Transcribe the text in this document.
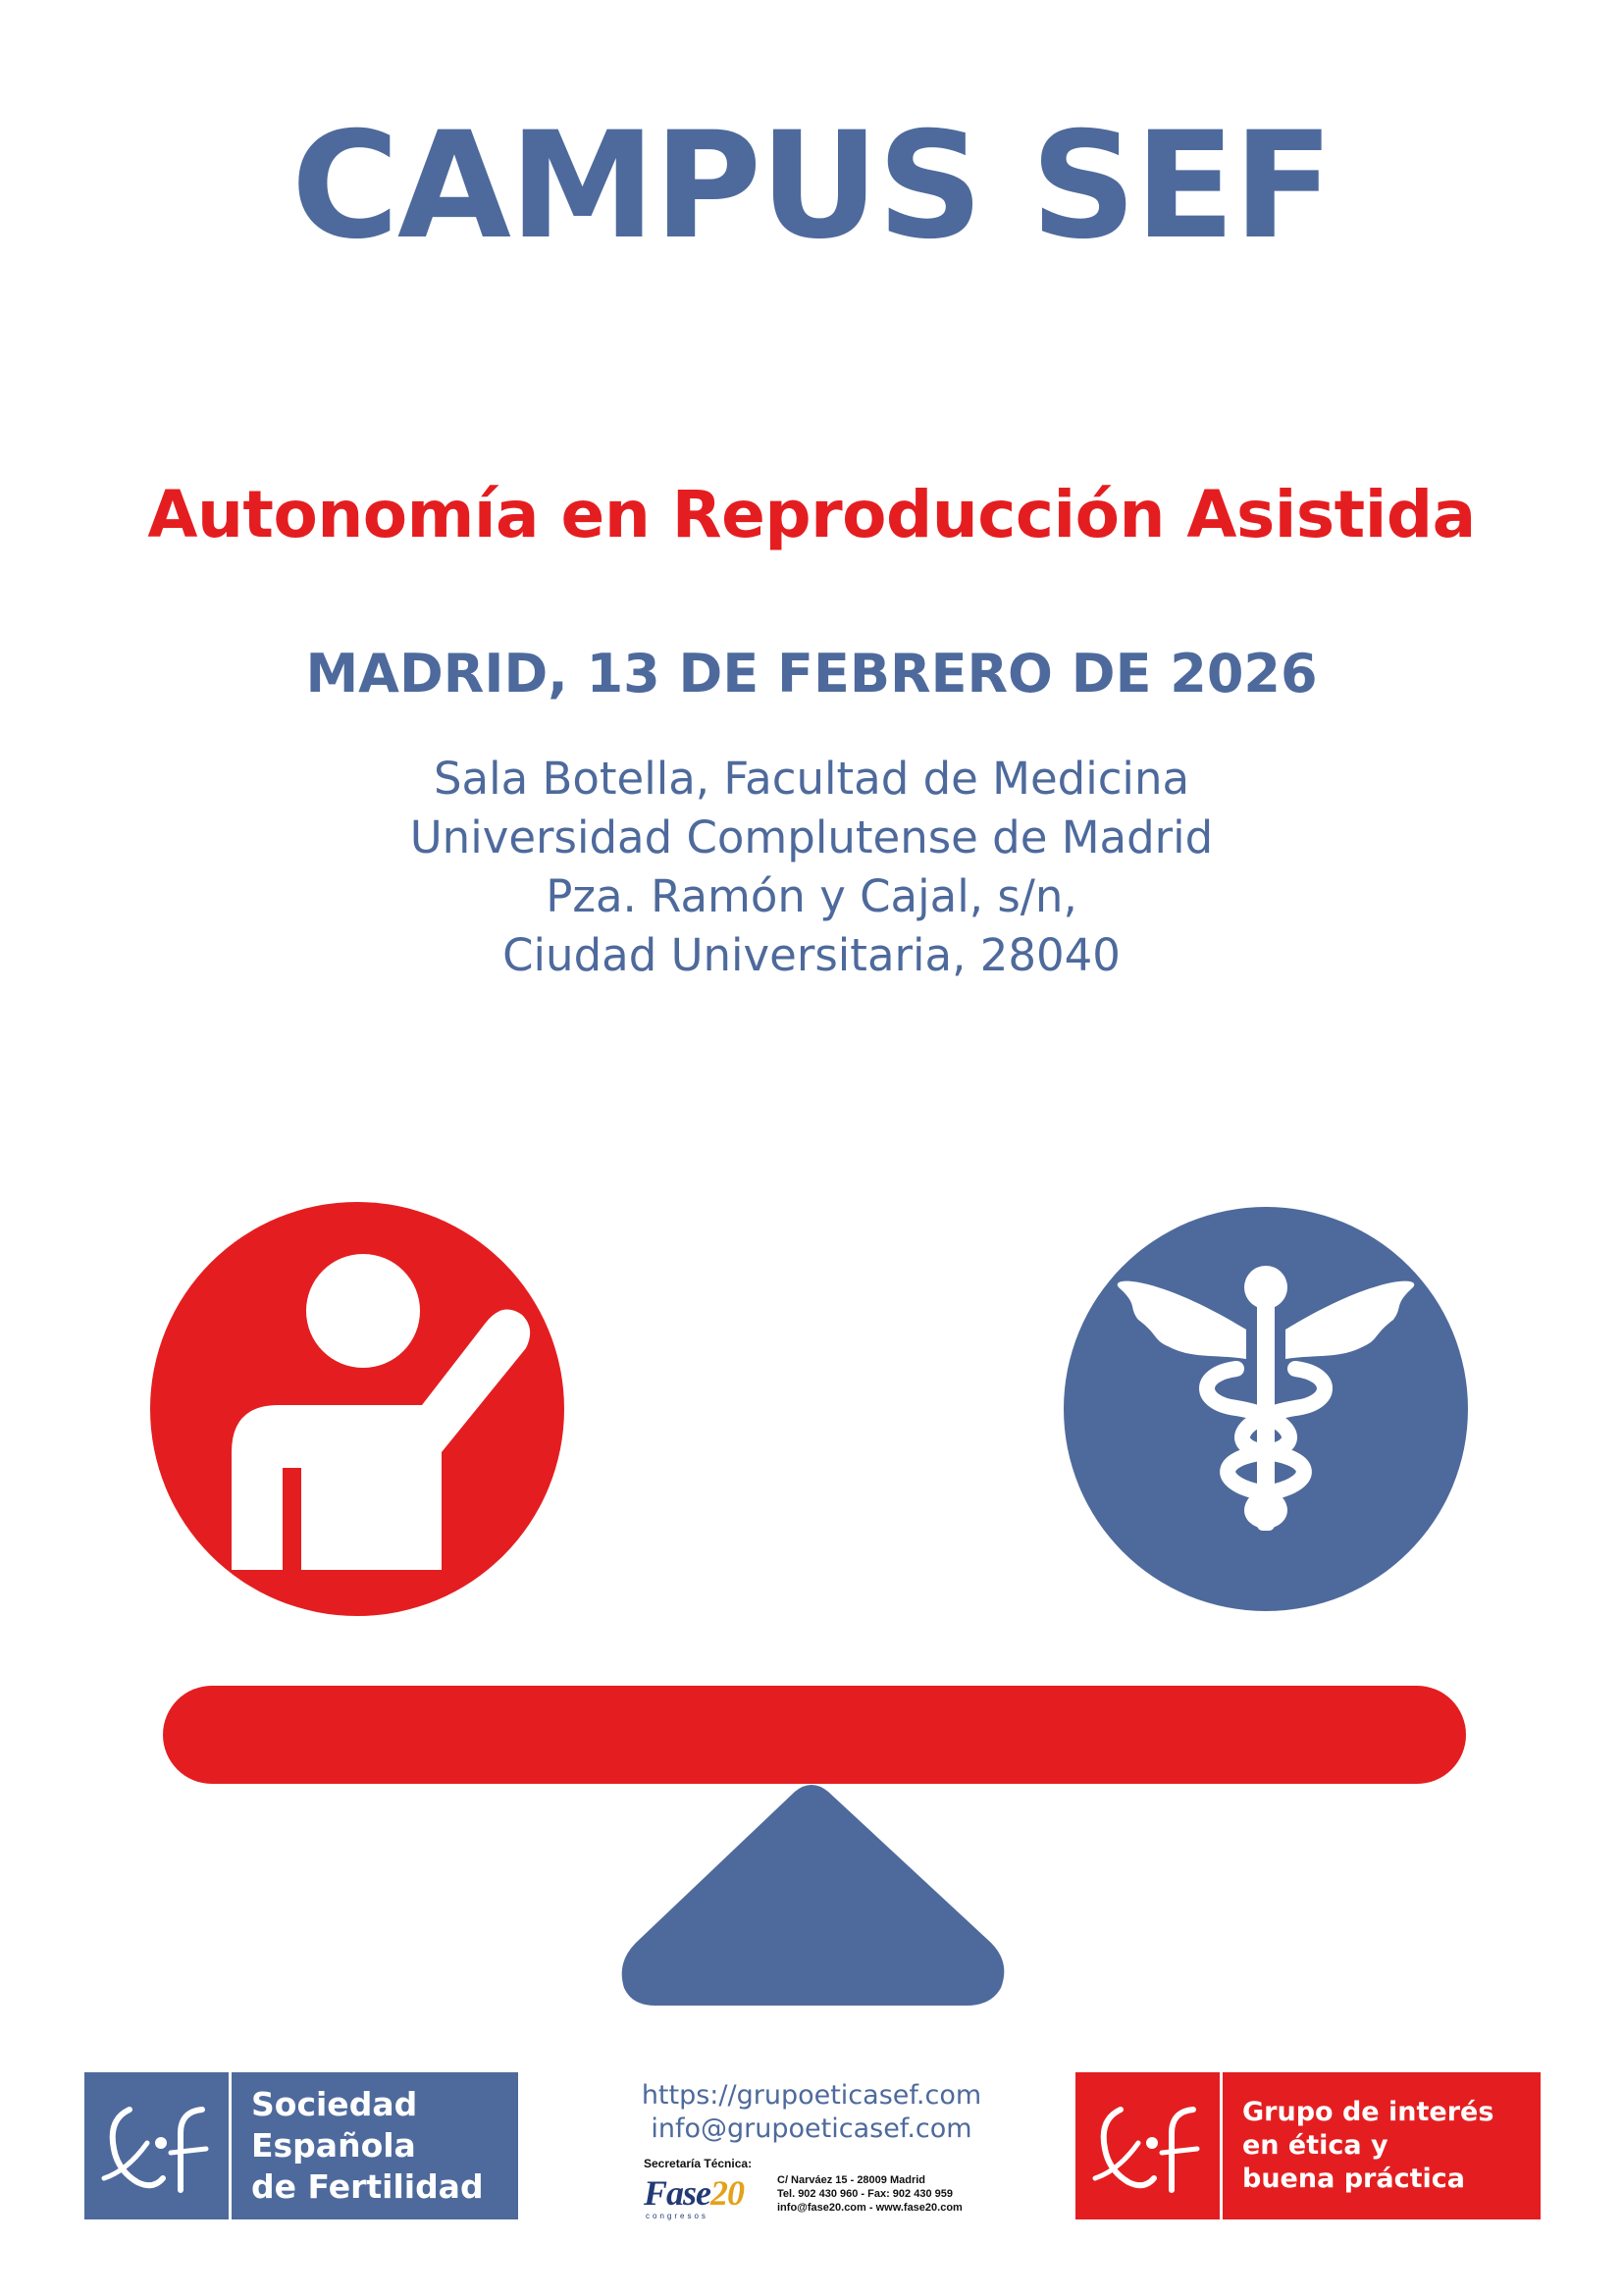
CAMPUS SEF
Autonomía en Reproducción Asistida
MADRID, 13 DE FEBRERO DE 2026
Sala Botella, Facultad de Medicina
Universidad Complutense de Madrid
Pza. Ramón y Cajal, s/n,
Ciudad Universitaria, 28040
Sociedad
Española
de Fertilidad
https://grupoeticasef.com
info@grupoeticasef.com
Secretaría Técnica:
Fase20
congresos
C/ Narváez 15 - 28009 Madrid
Tel. 902 430 960 - Fax: 902 430 959
info@fase20.com - www.fase20.com
Grupo de interés
en ética y
buena práctica
